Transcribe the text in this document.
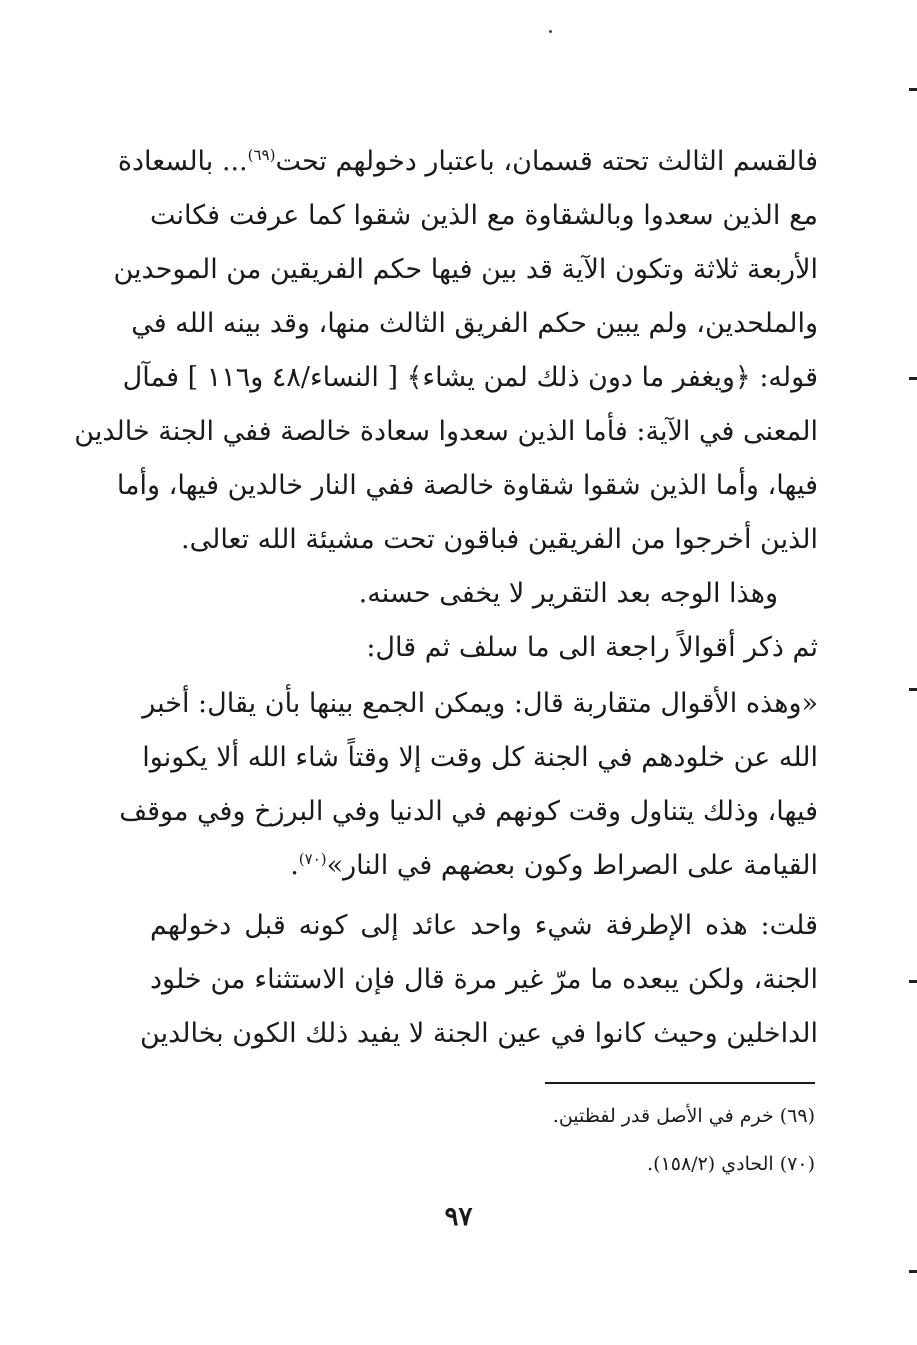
فالقسم الثالث تحته قسمان، باعتبار دخولهم تحت$^{(٦٩)}$... بالسعادة
مع الذين سعدوا وبالشقاوة مع الذين شقوا كما عرفت فكانت
الأربعة ثلاثة وتكون الآية قد بين فيها حكم الفريقين من الموحدين
والملحدين، ولم يبين حكم الفريق الثالث منها، وقد بينه الله في
قوله: ﴿ويغفر ما دون ذلك لمن يشاء﴾ [ النساء/٤٨ و١١٦ ] فمآل
المعنى في الآية: فأما الذين سعدوا سعادة خالصة ففي الجنة خالدين
فيها، وأما الذين شقوا شقاوة خالصة ففي النار خالدين فيها، وأما
الذين أخرجوا من الفريقين فباقون تحت مشيئة الله تعالى.
وهذا الوجه بعد التقرير لا يخفى حسنه.
ثم ذكر أقوالاً راجعة الى ما سلف ثم قال:
«وهذه الأقوال متقاربة قال: ويمكن الجمع بينها بأن يقال: أخبر
الله عن خلودهم في الجنة كل وقت إلا وقتاً شاء الله ألا يكونوا
فيها، وذلك يتناول وقت كونهم في الدنيا وفي البرزخ وفي موقف
القيامة على الصراط وكون بعضهم في النار»$^{(٧٠)}$.
قلت: هذه الإطرفة شيء واحد عائد إلى كونه قبل دخولهم
الجنة، ولكن يبعده ما مرّ غير مرة قال فإن الاستثناء من خلود
الداخلين وحيث كانوا في عين الجنة لا يفيد ذلك الكون بخالدين
(٦٩) خرم في الأصل قدر لفظتين.
(٧٠) الحادي (١٥٨/٢).
٩٧
